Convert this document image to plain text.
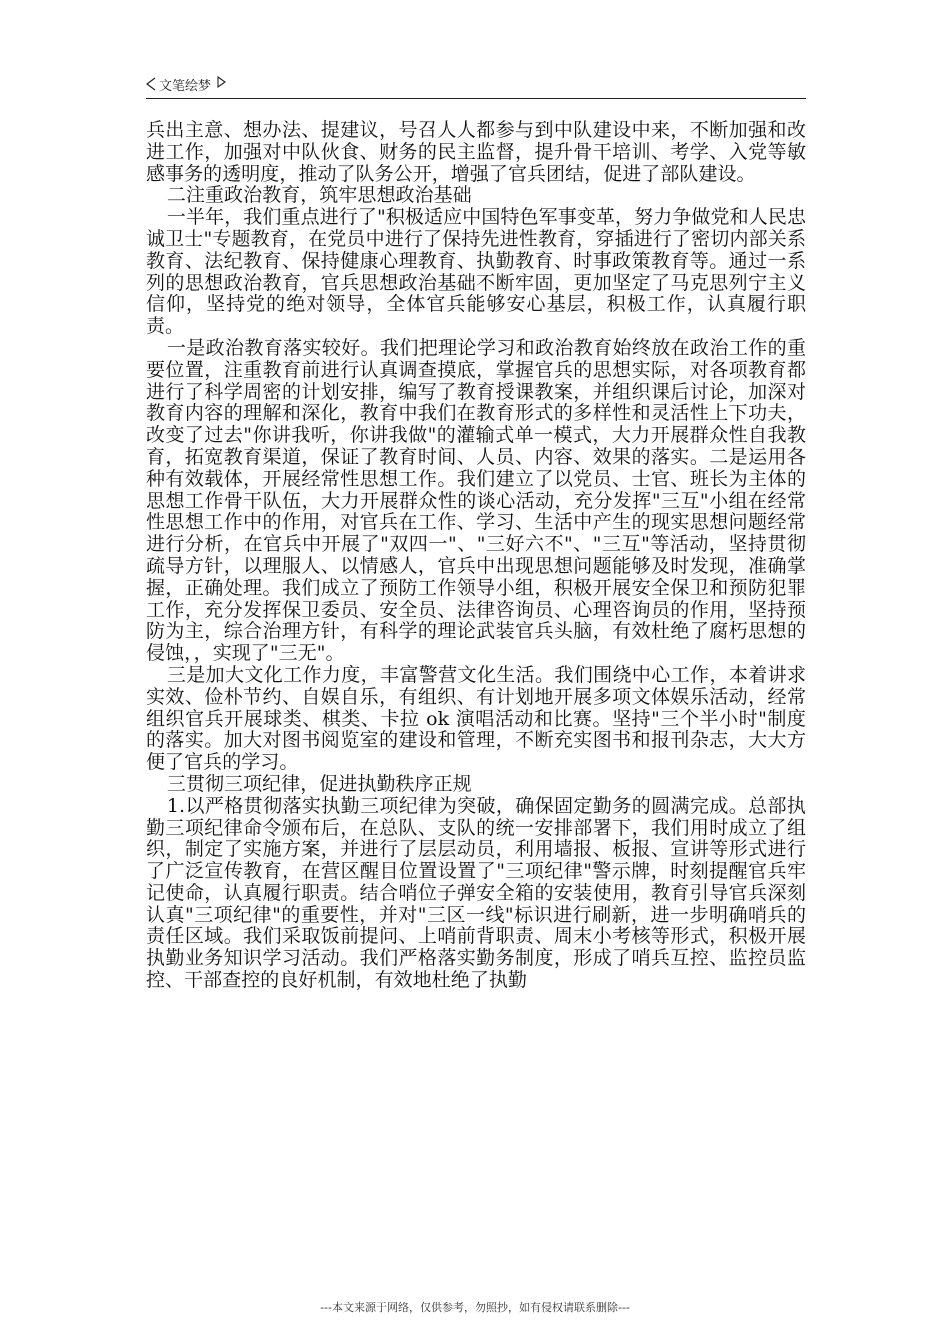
文笔绘梦

兵出主意、想办法、提建议，号召人人都参与到中队建设中来，不断加强和改进工作，加强对中队伙食、财务的民主监督，提升骨干培训、考学、入党等敏感事务的透明度，推动了队务公开，增强了官兵团结，促进了部队建设。

二注重政治教育，筑牢思想政治基础

一半年，我们重点进行了"积极适应中国特色军事变革，努力争做党和人民忠诚卫士"专题教育，在党员中进行了保持先进性教育，穿插进行了密切内部关系教育、法纪教育、保持健康心理教育、执勤教育、时事政策教育等。通过一系列的思想政治教育，官兵思想政治基础不断牢固，更加坚定了马克思列宁主义信仰，坚持党的绝对领导，全体官兵能够安心基层，积极工作，认真履行职责。

一是政治教育落实较好。我们把理论学习和政治教育始终放在政治工作的重要位置，注重教育前进行认真调查摸底，掌握官兵的思想实际，对各项教育都进行了科学周密的计划安排，编写了教育授课教案，并组织课后讨论，加深对教育内容的理解和深化，教育中我们在教育形式的多样性和灵活性上下功夫，改变了过去"你讲我听，你讲我做"的灌输式单一模式，大力开展群众性自我教育，拓宽教育渠道，保证了教育时间、人员、内容、效果的落实。二是运用各种有效载体，开展经常性思想工作。我们建立了以党员、士官、班长为主体的思想工作骨干队伍，大力开展群众性的谈心活动，充分发挥"三互"小组在经常性思想工作中的作用，对官兵在工作、学习、生活中产生的现实思想问题经常进行分析，在官兵中开展了"双四一"、"三好六不"、"三互"等活动，坚持贯彻疏导方针，以理服人、以情感人，官兵中出现思想问题能够及时发现，准确掌握，正确处理。我们成立了预防工作领导小组，积极开展安全保卫和预防犯罪工作，充分发挥保卫委员、安全员、法律咨询员、心理咨询员的作用，坚持预防为主，综合治理方针，有科学的理论武装官兵头脑，有效杜绝了腐朽思想的侵蚀，，实现了"三无"。

三是加大文化工作力度，丰富警营文化生活。我们围绕中心工作，本着讲求实效、俭朴节约、自娱自乐，有组织、有计划地开展多项文体娱乐活动，经常组织官兵开展球类、棋类、卡拉 ok 演唱活动和比赛。坚持"三个半小时"制度的落实。加大对图书阅览室的建设和管理，不断充实图书和报刊杂志，大大方便了官兵的学习。

三贯彻三项纪律，促进执勤秩序正规

1.以严格贯彻落实执勤三项纪律为突破，确保固定勤务的圆满完成。总部执勤三项纪律命令颁布后，在总队、支队的统一安排部署下，我们用时成立了组织，制定了实施方案，并进行了层层动员，利用墙报、板报、宣讲等形式进行了广泛宣传教育，在营区醒目位置设置了"三项纪律"警示牌，时刻提醒官兵牢记使命，认真履行职责。结合哨位子弹安全箱的安装使用，教育引导官兵深刻认真"三项纪律"的重要性，并对"三区一线"标识进行刷新，进一步明确哨兵的责任区域。我们采取饭前提问、上哨前背职责、周末小考核等形式，积极开展执勤业务知识学习活动。我们严格落实勤务制度，形成了哨兵互控、监控员监控、干部查控的良好机制，有效地杜绝了执勤

---本文来源于网络，仅供参考，勿照抄，如有侵权请联系删除---
